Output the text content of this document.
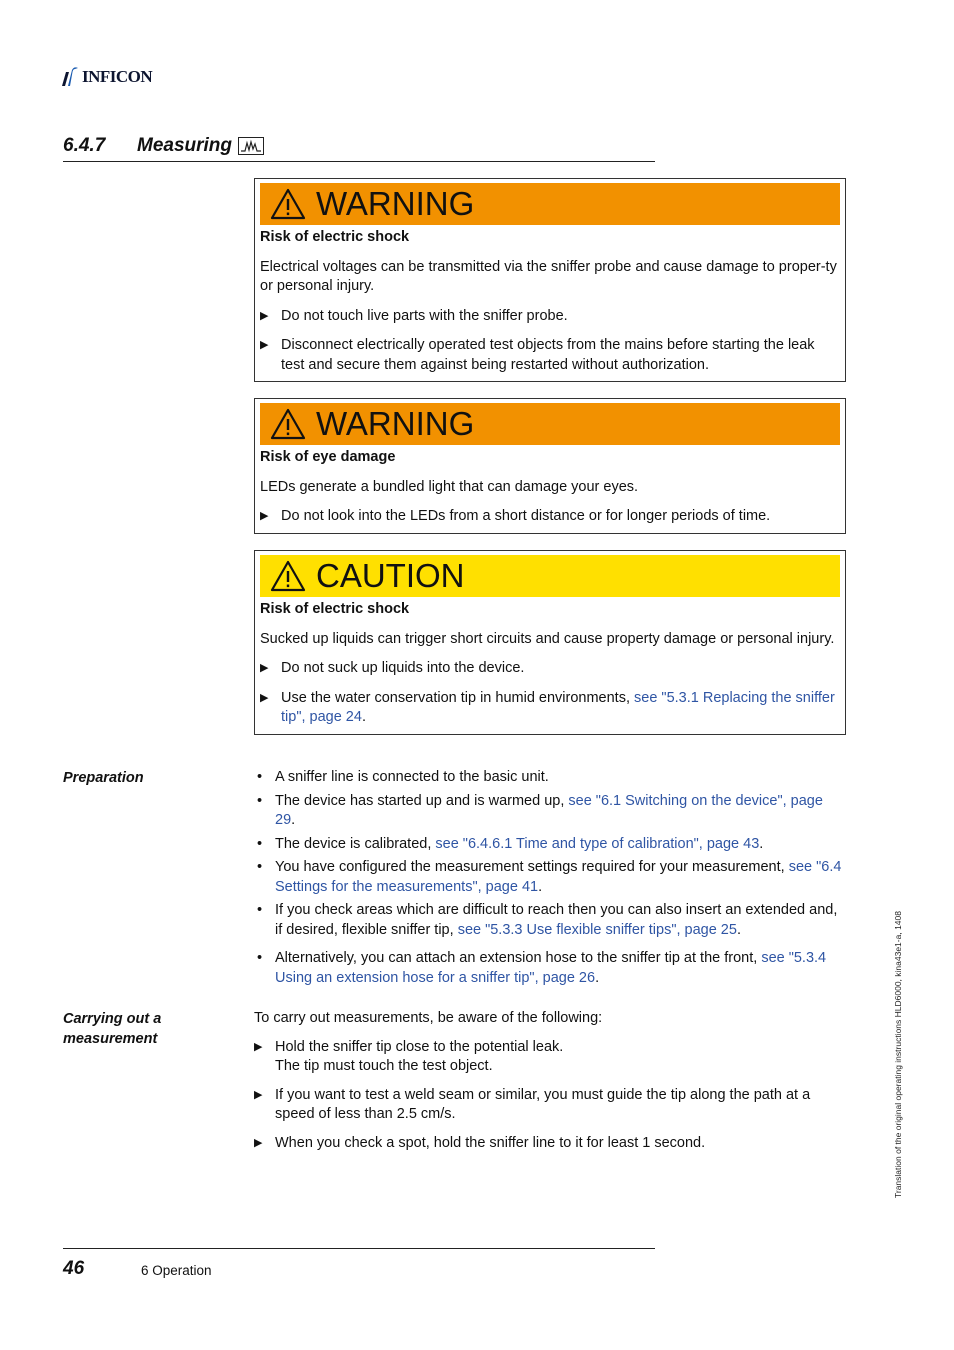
INFICON
6.4.7	Measuring
WARNING
Risk of electric shock

Electrical voltages can be transmitted via the sniffer probe and cause damage to proper-ty or personal injury.

▶ Do not touch live parts with the sniffer probe.
▶ Disconnect electrically operated test objects from the mains before starting the leak test and secure them against being restarted without authorization.
WARNING
Risk of eye damage

LEDs generate a bundled light that can damage your eyes.

▶ Do not look into the LEDs from a short distance or for longer periods of time.
CAUTION
Risk of electric shock

Sucked up liquids can trigger short circuits and cause property damage or personal injury.

▶ Do not suck up liquids into the device.
▶ Use the water conservation tip in humid environments, see "5.3.1 Replacing the sniffer tip", page 24.
Preparation	• A sniffer line is connected to the basic unit.
• The device has started up and is warmed up, see "6.1 Switching on the device", page 29.
• The device is calibrated, see "6.4.6.1 Time and type of calibration", page 43.
• You have configured the measurement settings required for your measurement, see "6.4 Settings for the measurements", page 41.
• If you check areas which are difficult to reach then you can also insert an extended and, if desired, flexible sniffer tip, see "5.3.3 Use flexible sniffer tips", page 25.
• Alternatively, you can attach an extension hose to the sniffer tip at the front, see "5.3.4 Using an extension hose for a sniffer tip", page 26.
Carrying out a
measurement

To carry out measurements, be aware of the following:

▶ Hold the sniffer tip close to the potential leak.
The tip must touch the test object.
▶ If you want to test a weld seam or similar, you must guide the tip along the path at a speed of less than 2.5 cm/s.
▶ When you check a spot, hold the sniffer line to it for least 1 second.
46	6 Operation
Translation of the original operating instructions HLD6000, kina43e1-a, 1408
